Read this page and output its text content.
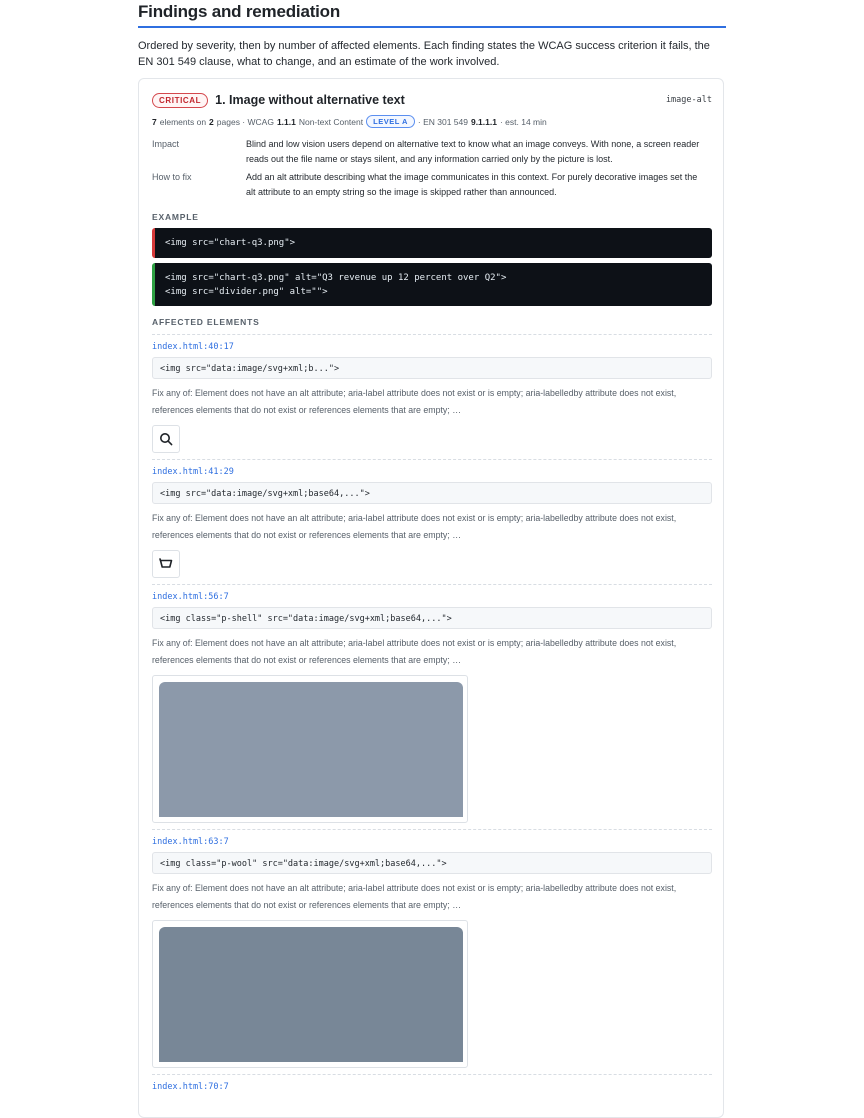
Findings and remediation
Ordered by severity, then by number of affected elements. Each finding states the WCAG success criterion it fails, the EN 301 549 clause, what to change, and an estimate of the work involved.
CRITICAL	1. Image without alternative text	image-alt
7 elements on 2 pages · WCAG 1.1.1 Non-text Content	LEVEL A	· EN 301 549 9.1.1.1 · est. 14 min
Impact	Blind and low vision users depend on alternative text to know what an image conveys. With none, a screen reader reads out the file name or stays silent, and any information carried only by the picture is lost.
How to fix	Add an alt attribute describing what the image communicates in this context. For purely decorative images set the alt attribute to an empty string so the image is skipped rather than announced.
EXAMPLE
<img src="chart-q3.png">
<img src="chart-q3.png" alt="Q3 revenue up 12 percent over Q2">
<img src="divider.png" alt="">
AFFECTED ELEMENTS
index.html:40:17
<img src="data:image/svg+xml;b...">
Fix any of: Element does not have an alt attribute; aria-label attribute does not exist or is empty; aria-labelledby attribute does not exist, references elements that do not exist or references elements that are empty; …
index.html:41:29
<img src="data:image/svg+xml;base64,...">
Fix any of: Element does not have an alt attribute; aria-label attribute does not exist or is empty; aria-labelledby attribute does not exist, references elements that do not exist or references elements that are empty; …
index.html:56:7
<img class="p-shell" src="data:image/svg+xml;base64,...">
Fix any of: Element does not have an alt attribute; aria-label attribute does not exist or is empty; aria-labelledby attribute does not exist, references elements that do not exist or references elements that are empty; …
index.html:63:7
<img class="p-wool" src="data:image/svg+xml;base64,...">
Fix any of: Element does not have an alt attribute; aria-label attribute does not exist or is empty; aria-labelledby attribute does not exist, references elements that do not exist or references elements that are empty; …
index.html:70:7
